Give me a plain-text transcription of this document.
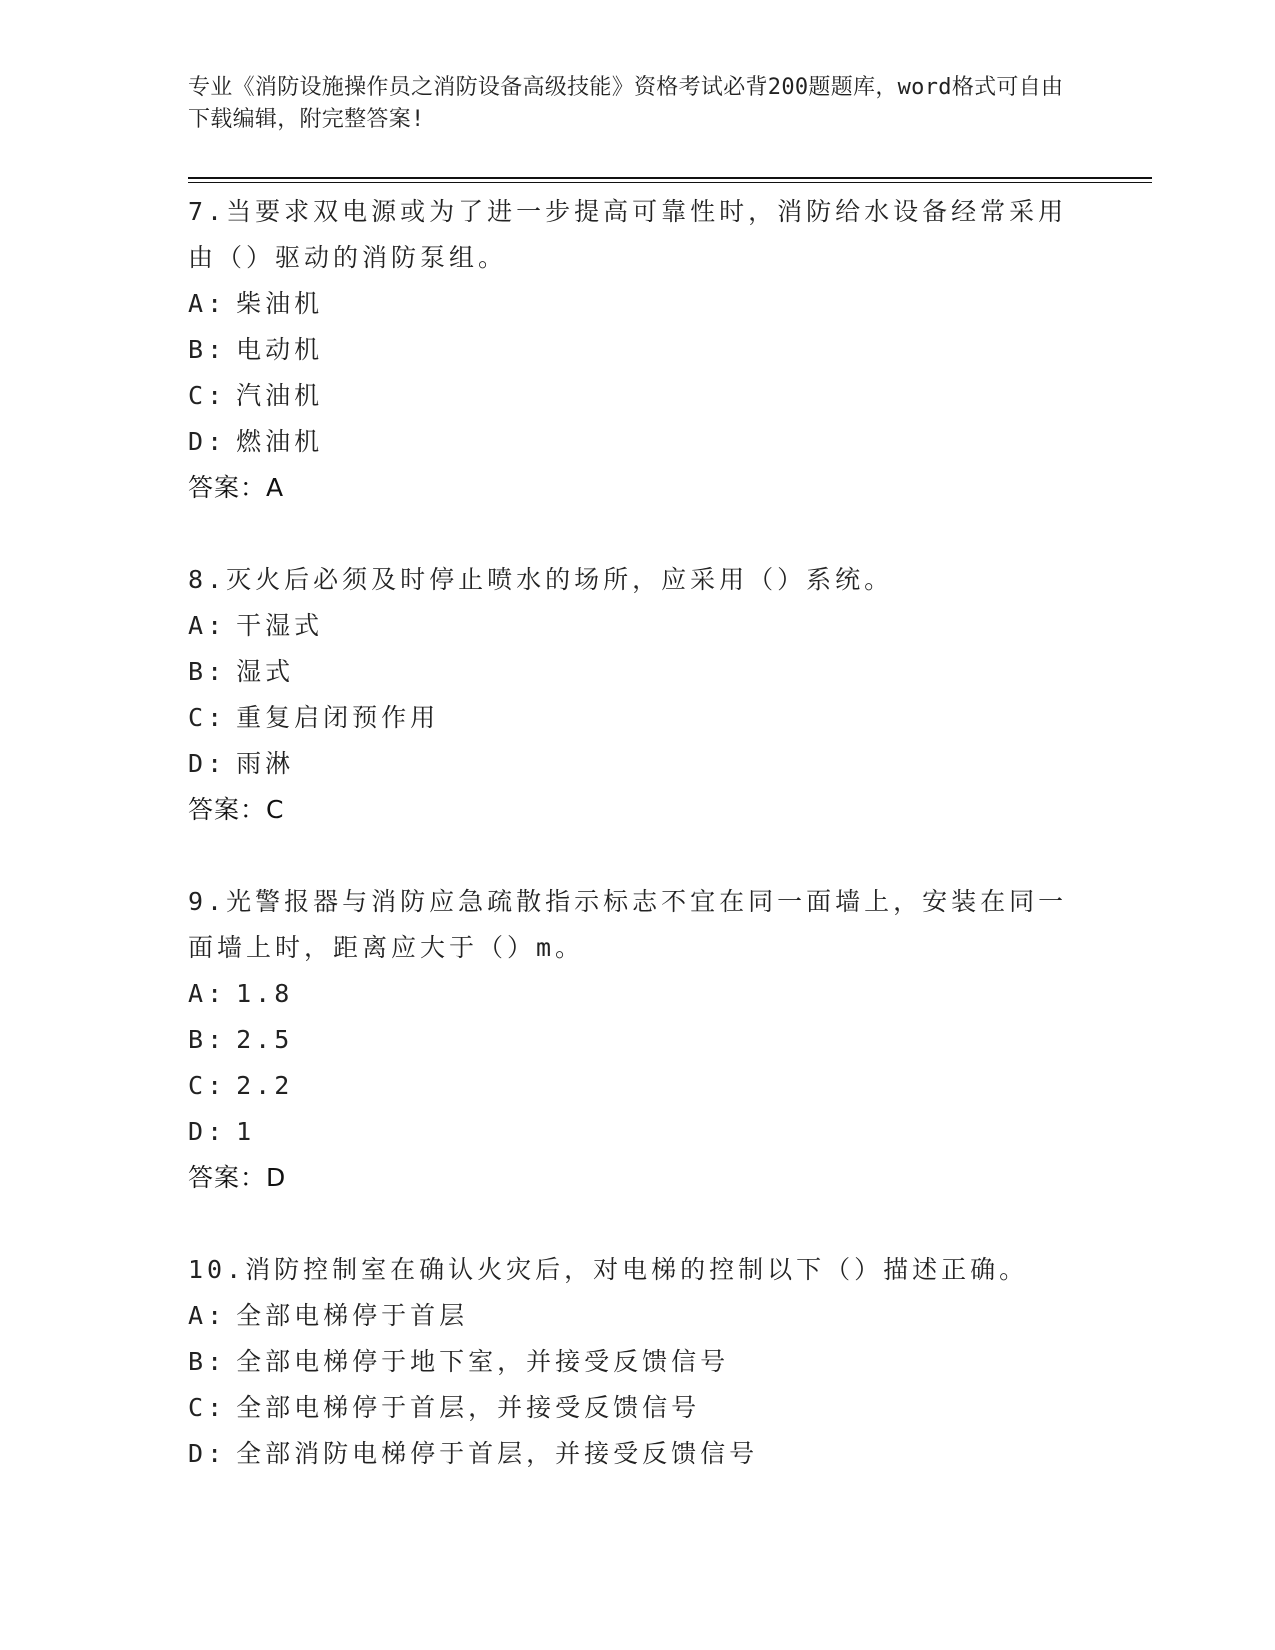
专业《消防设施操作员之消防设备高级技能》资格考试必背200题题库，word格式可自由下载编辑，附完整答案!
7.当要求双电源或为了进一步提高可靠性时，消防给水设备经常采用由（）驱动的消防泵组。
A: 柴油机
B: 电动机
C: 汽油机
D: 燃油机
答案：A
8.灭火后必须及时停止喷水的场所，应采用（）系统。
A: 干湿式
B: 湿式
C: 重复启闭预作用
D: 雨淋
答案：C
9.光警报器与消防应急疏散指示标志不宜在同一面墙上，安装在同一面墙上时，距离应大于（）m。
A: 1.8
B: 2.5
C: 2.2
D: 1
答案：D
10.消防控制室在确认火灾后，对电梯的控制以下（）描述正确。
A: 全部电梯停于首层
B: 全部电梯停于地下室，并接受反馈信号
C: 全部电梯停于首层，并接受反馈信号
D: 全部消防电梯停于首层，并接受反馈信号
